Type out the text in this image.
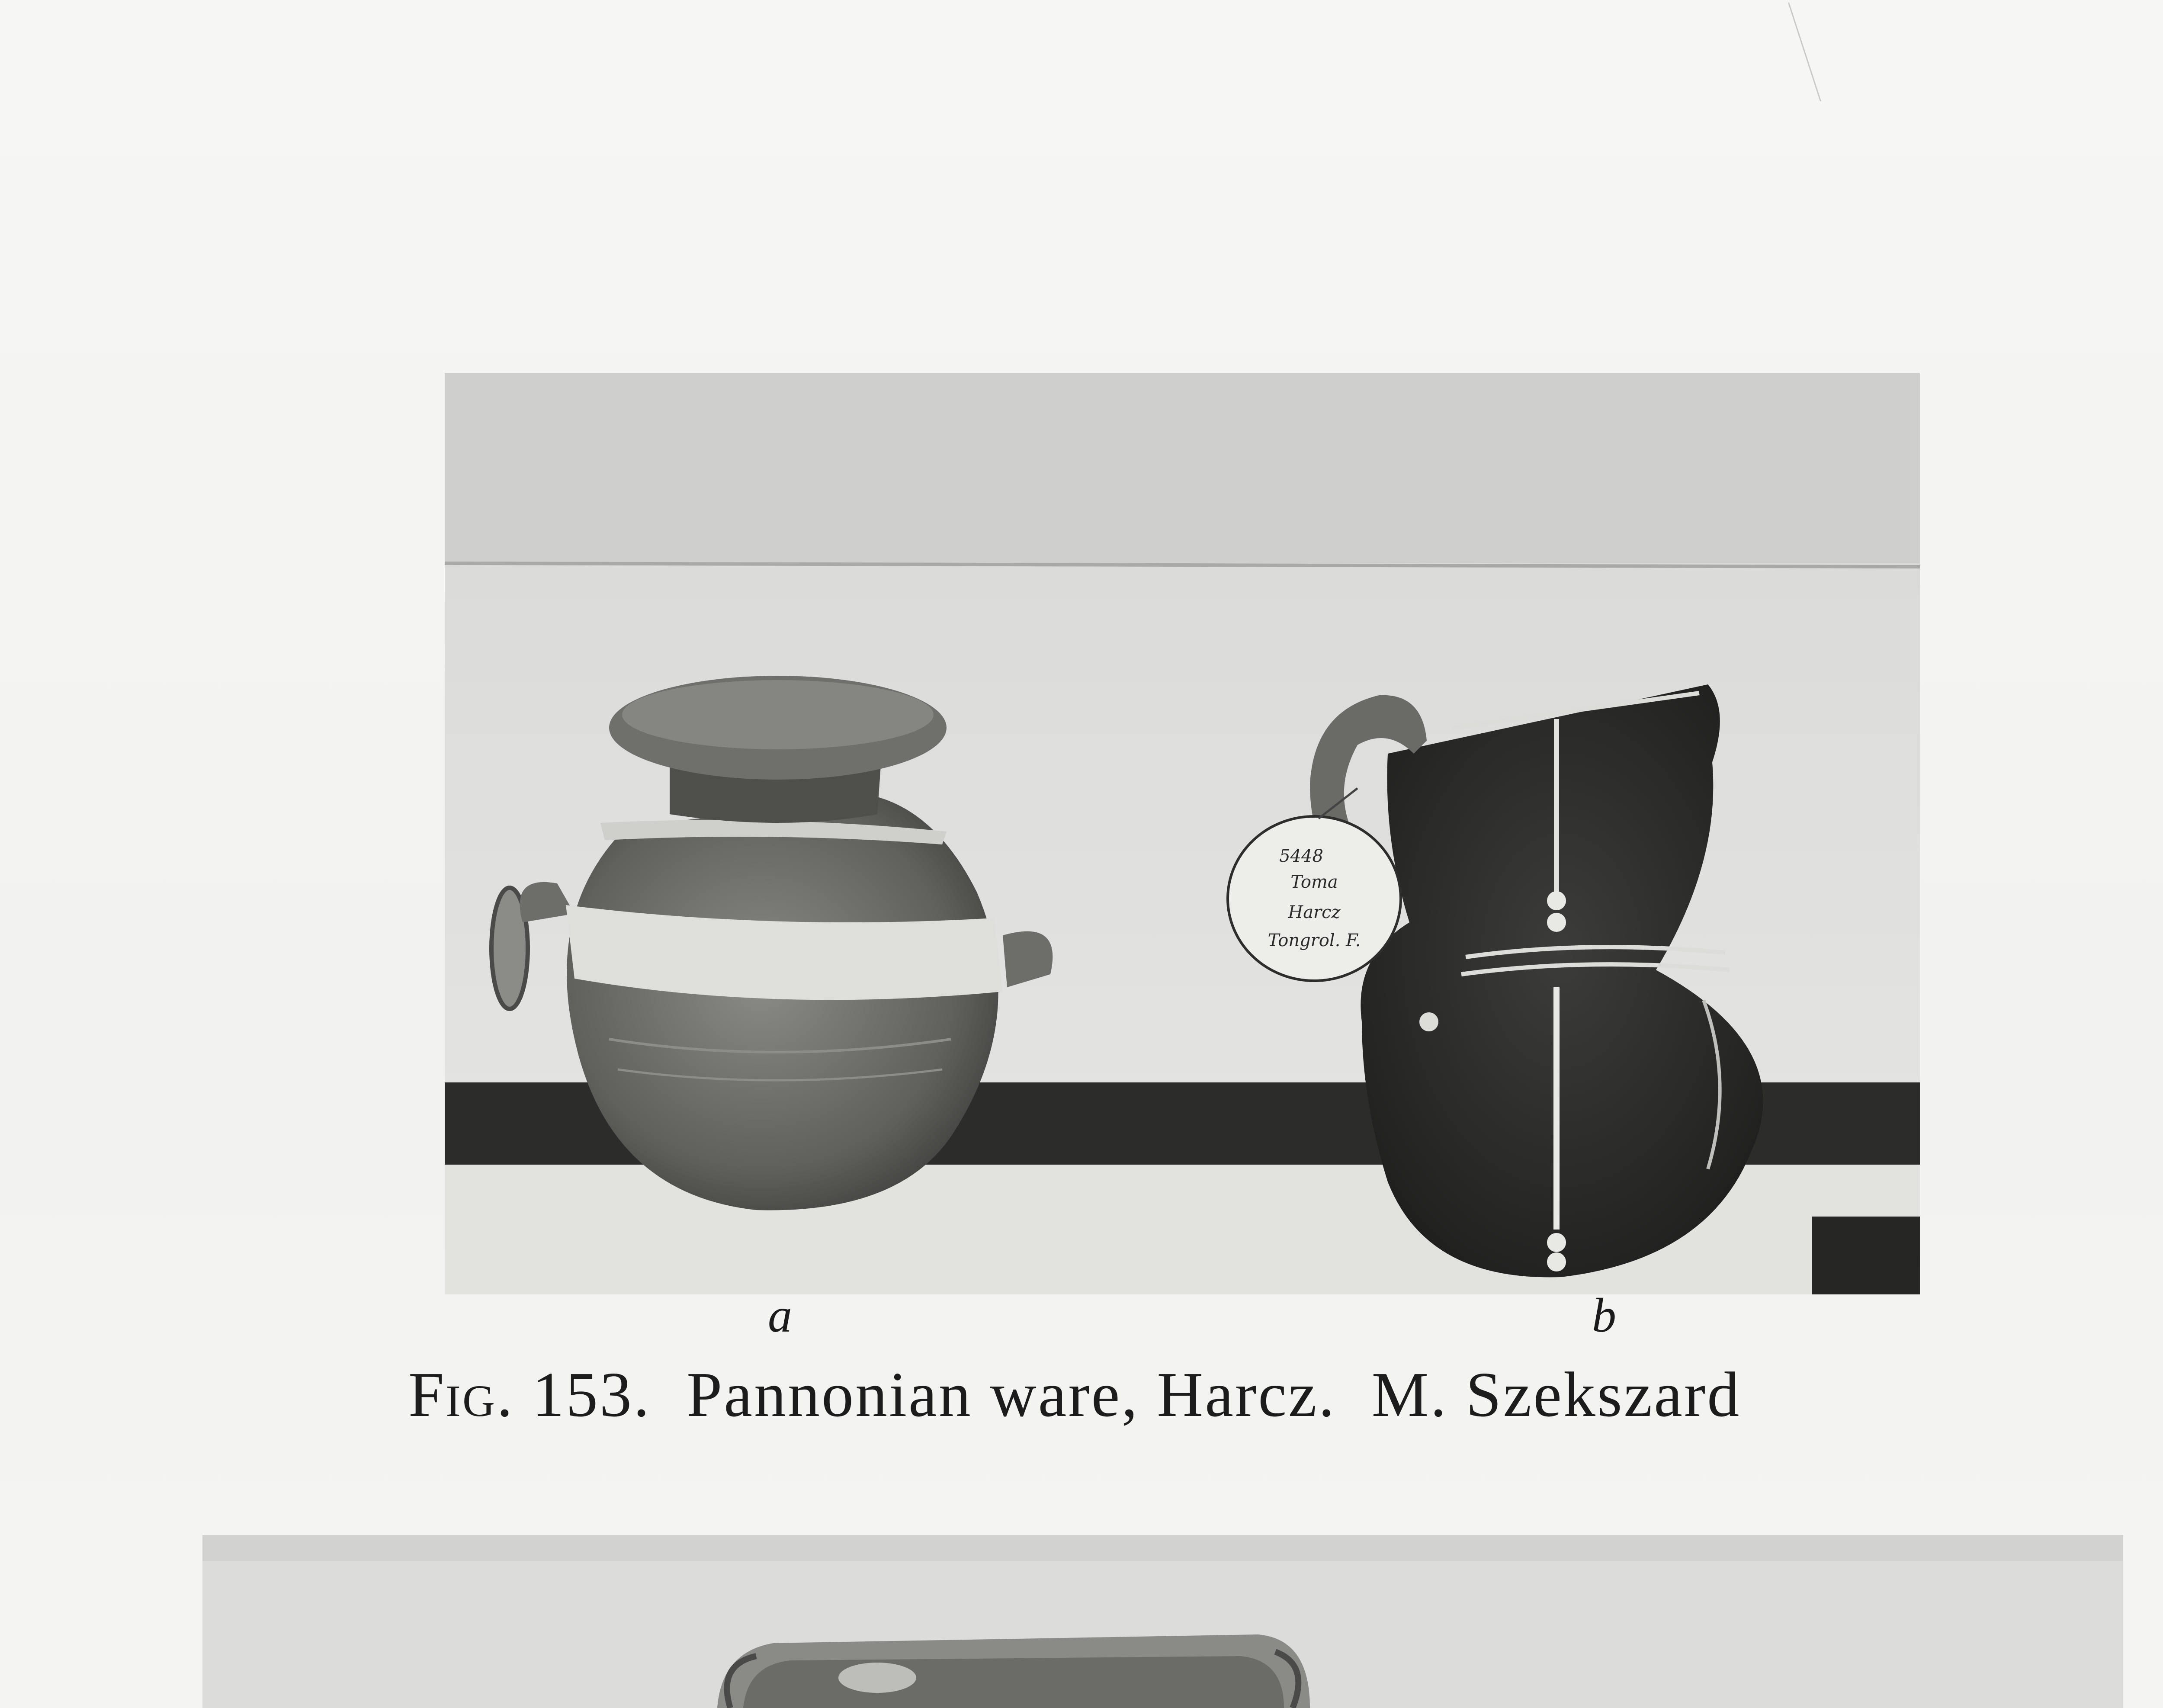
5448
Toma
Harcz
Tongrol. F.
a	b
Fig. 153. Pannonian ware, Harcz. M. Szekszard
